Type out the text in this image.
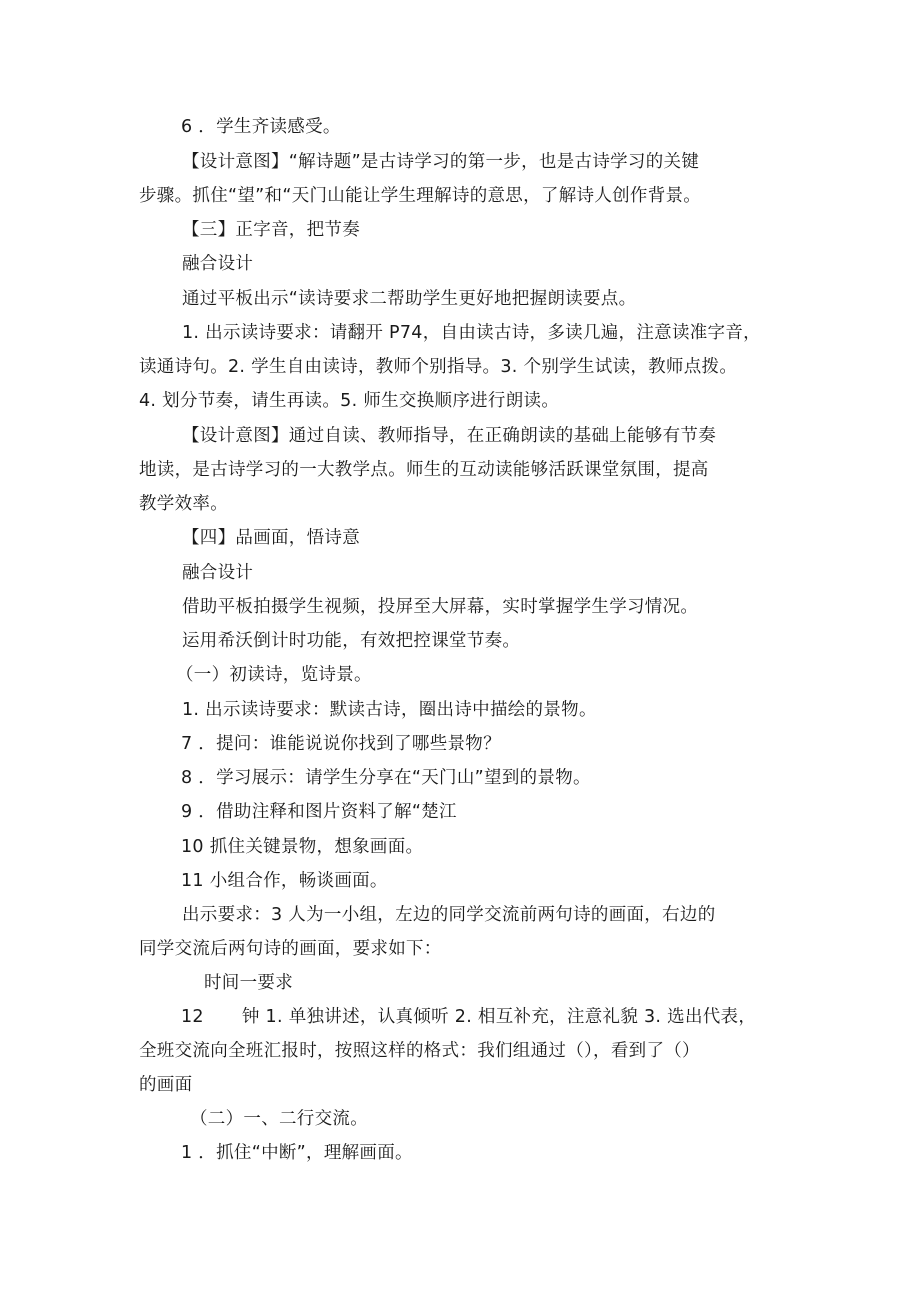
6 ．学生齐读感受。
【设计意图】“解诗题”是古诗学习的第一步，也是古诗学习的关键
步骤。抓住“望”和“天门山能让学生理解诗的意思，了解诗人创作背景。
【三】正字音，把节奏
融合设计
通过平板出示“读诗要求二帮助学生更好地把握朗读要点。
1. 出示读诗要求：请翻开 P74，自由读古诗，多读几遍，注意读准字音，
读通诗句。2. 学生自由读诗，教师个别指导。3. 个别学生试读，教师点拨。
4. 划分节奏，请生再读。5. 师生交换顺序进行朗读。
【设计意图】通过自读、教师指导，在正确朗读的基础上能够有节奏
地读，是古诗学习的一大教学点。师生的互动读能够活跃课堂氛围，提高
教学效率。
【四】品画面，悟诗意
融合设计
借助平板拍摄学生视频，投屏至大屏幕，实时掌握学生学习情况。
运用希沃倒计时功能，有效把控课堂节奏。
（一）初读诗，览诗景。
1. 出示读诗要求：默读古诗，圈出诗中描绘的景物。
7 ．提问：谁能说说你找到了哪些景物？
8 ．学习展示：请学生分享在“天门山”望到的景物。
9 ．借助注释和图片资料了解“楚江
10 抓住关键景物，想象画面。
11 小组合作，畅谈画面。
出示要求：3 人为一小组，左边的同学交流前两句诗的画面，右边的
同学交流后两句诗的画面，要求如下：
时间一要求
12 钟 1. 单独讲述，认真倾听 2. 相互补充，注意礼貌 3. 选出代表，
全班交流向全班汇报时，按照这样的格式：我们组通过（），看到了（）
的画面
（二）一、二行交流。
1 ．抓住“中断”，理解画面。
